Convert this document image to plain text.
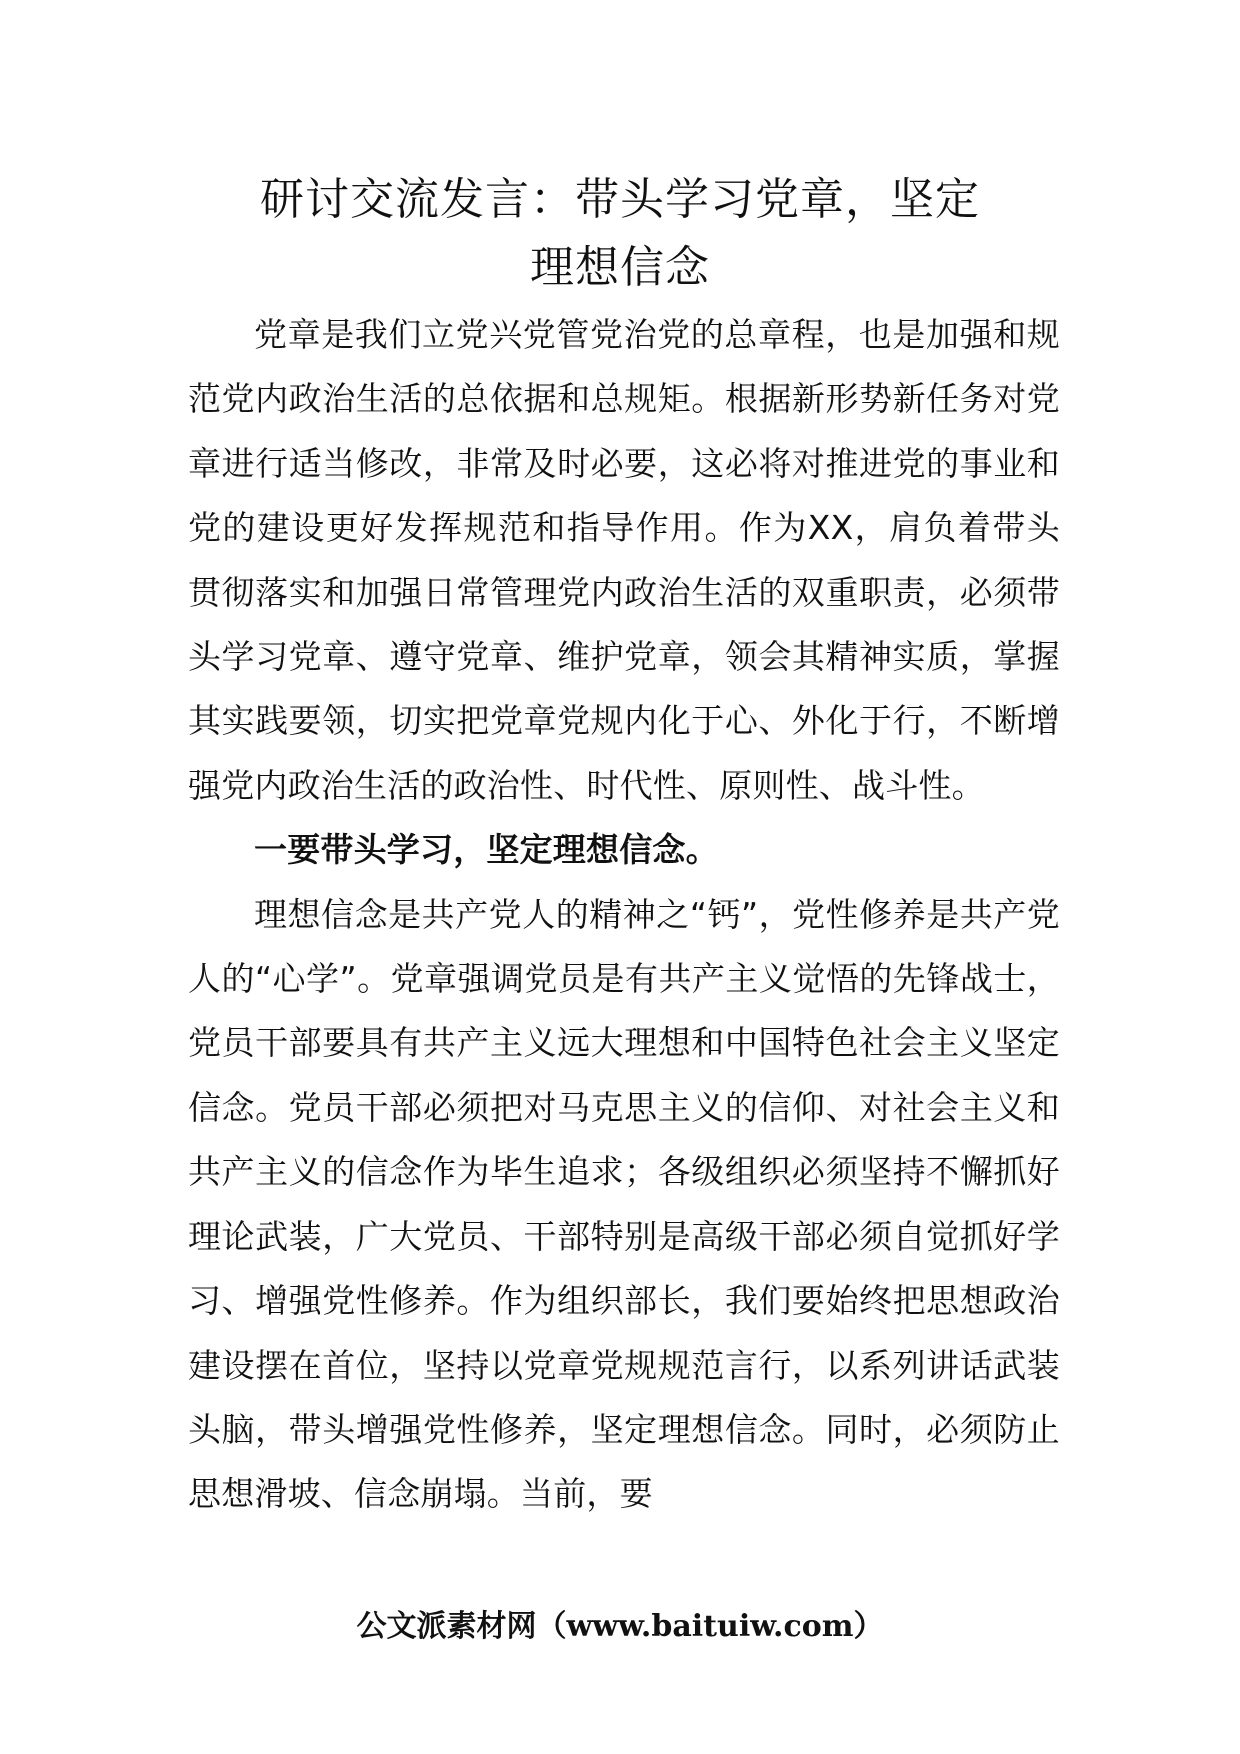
研讨交流发言：带头学习党章，坚定
理想信念

党章是我们立党兴党管党治党的总章程，也是加强和规范党内政治生活的总依据和总规矩。根据新形势新任务对党章进行适当修改，非常及时必要，这必将对推进党的事业和党的建设更好发挥规范和指导作用。作为XX，肩负着带头贯彻落实和加强日常管理党内政治生活的双重职责，必须带头学习党章、遵守党章、维护党章，领会其精神实质，掌握其实践要领，切实把党章党规内化于心、外化于行，不断增强党内政治生活的政治性、时代性、原则性、战斗性。

一要带头学习，坚定理想信念。

理想信念是共产党人的精神之“钙”，党性修养是共产党人的“心学”。党章强调党员是有共产主义觉悟的先锋战士，党员干部要具有共产主义远大理想和中国特色社会主义坚定信念。党员干部必须把对马克思主义的信仰、对社会主义和共产主义的信念作为毕生追求；各级组织必须坚持不懈抓好理论武装，广大党员、干部特别是高级干部必须自觉抓好学习、增强党性修养。作为组织部长，我们要始终把思想政治建设摆在首位，坚持以党章党规规范言行，以系列讲话武装头脑，带头增强党性修养，坚定理想信念。同时，必须防止思想滑坡、信念崩塌。当前，要

公文派素材网（www.baituiw.com）
